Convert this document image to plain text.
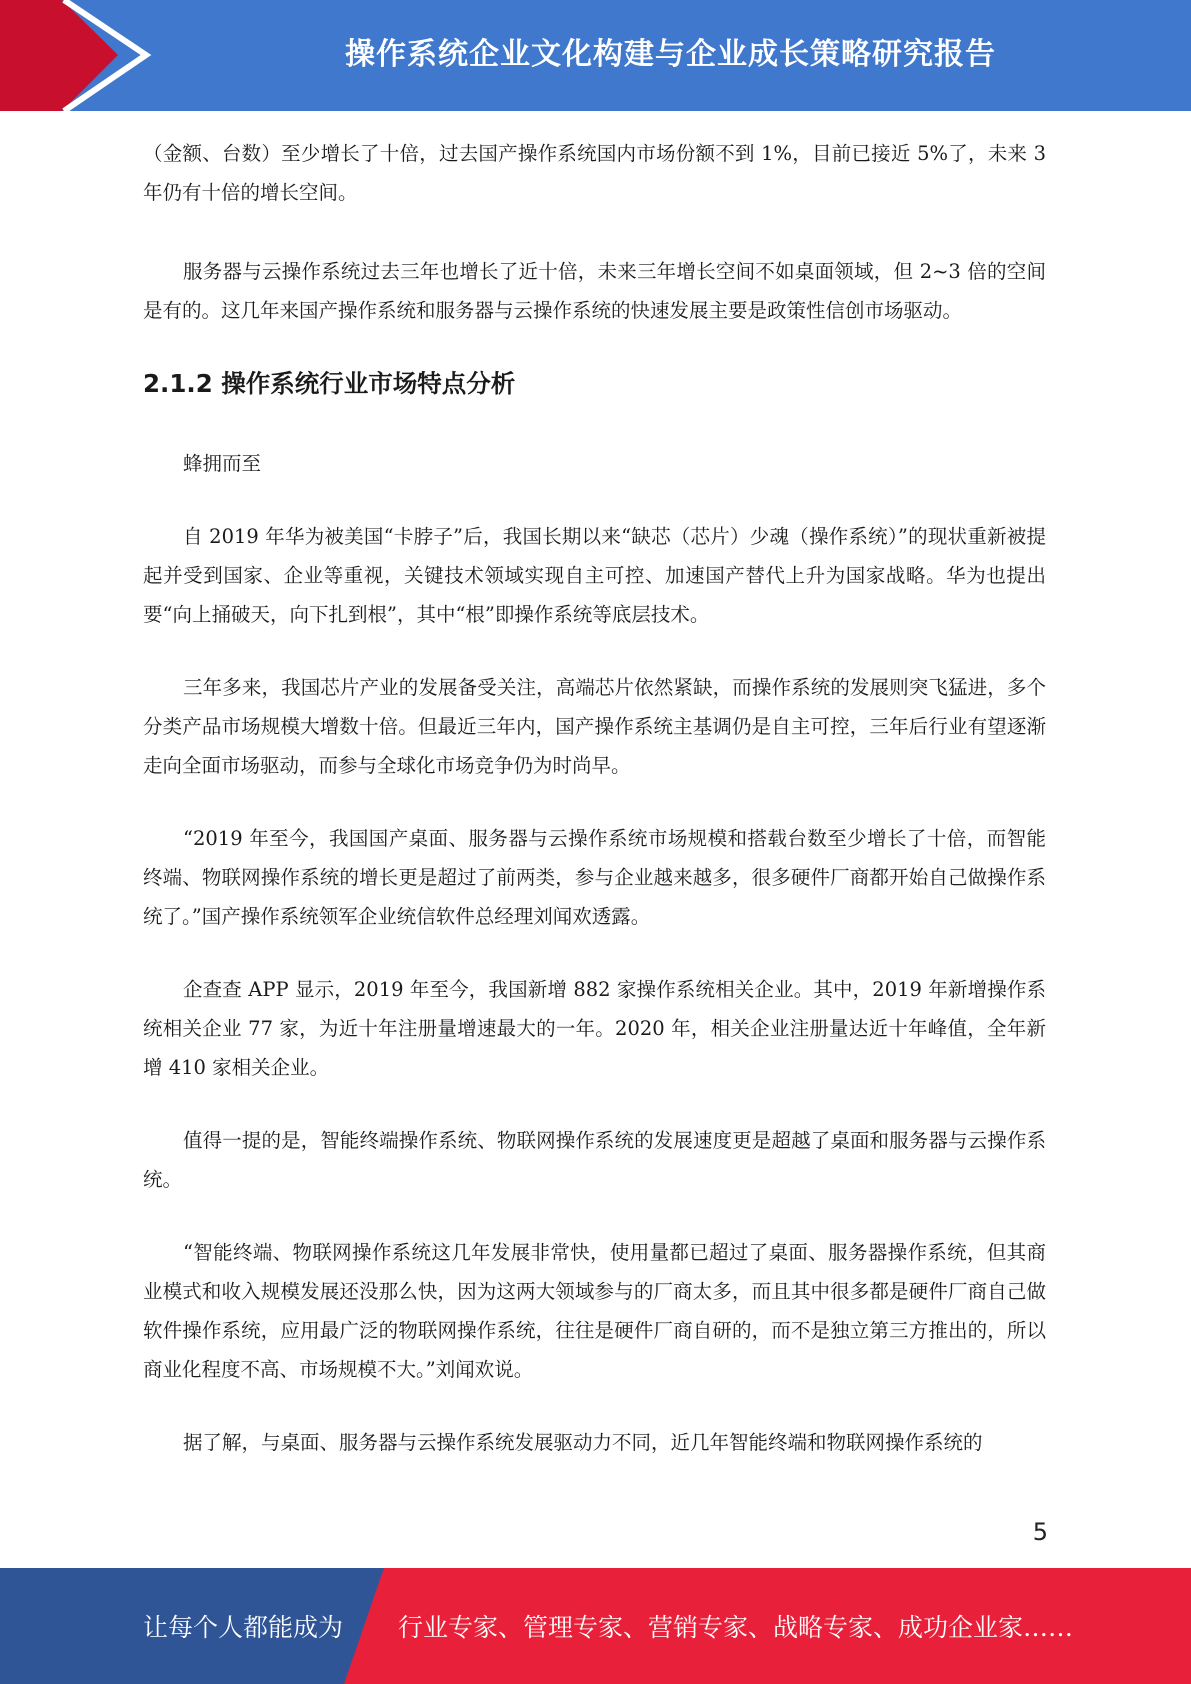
操作系统企业文化构建与企业成长策略研究报告

（金额、台数）至少增长了十倍，过去国产操作系统国内市场份额不到 1%，目前已接近 5%了，未来 3 年仍有十倍的增长空间。

服务器与云操作系统过去三年也增长了近十倍，未来三年增长空间不如桌面领域，但 2~3 倍的空间是有的。这几年来国产操作系统和服务器与云操作系统的快速发展主要是政策性信创市场驱动。

2.1.2 操作系统行业市场特点分析

蜂拥而至

自 2019 年华为被美国“卡脖子”后，我国长期以来“缺芯（芯片）少魂（操作系统）”的现状重新被提起并受到国家、企业等重视，关键技术领域实现自主可控、加速国产替代上升为国家战略。华为也提出要“向上捅破天，向下扎到根”，其中“根”即操作系统等底层技术。

三年多来，我国芯片产业的发展备受关注，高端芯片依然紧缺，而操作系统的发展则突飞猛进，多个分类产品市场规模大增数十倍。但最近三年内，国产操作系统主基调仍是自主可控，三年后行业有望逐渐走向全面市场驱动，而参与全球化市场竞争仍为时尚早。

“2019 年至今，我国国产桌面、服务器与云操作系统市场规模和搭载台数至少增长了十倍，而智能终端、物联网操作系统的增长更是超过了前两类，参与企业越来越多，很多硬件厂商都开始自己做操作系统了。”国产操作系统领军企业统信软件总经理刘闻欢透露。

企查查 APP 显示，2019 年至今，我国新增 882 家操作系统相关企业。其中，2019 年新增操作系统相关企业 77 家，为近十年注册量增速最大的一年。2020 年，相关企业注册量达近十年峰值，全年新增 410 家相关企业。

值得一提的是，智能终端操作系统、物联网操作系统的发展速度更是超越了桌面和服务器与云操作系统。

“智能终端、物联网操作系统这几年发展非常快，使用量都已超过了桌面、服务器操作系统，但其商业模式和收入规模发展还没那么快，因为这两大领域参与的厂商太多，而且其中很多都是硬件厂商自己做软件操作系统，应用最广泛的物联网操作系统，往往是硬件厂商自研的，而不是独立第三方推出的，所以商业化程度不高、市场规模不大。”刘闻欢说。

据了解，与桌面、服务器与云操作系统发展驱动力不同，近几年智能终端和物联网操作系统的

5
让每个人都能成为 行业专家、管理专家、营销专家、战略专家、成功企业家……
